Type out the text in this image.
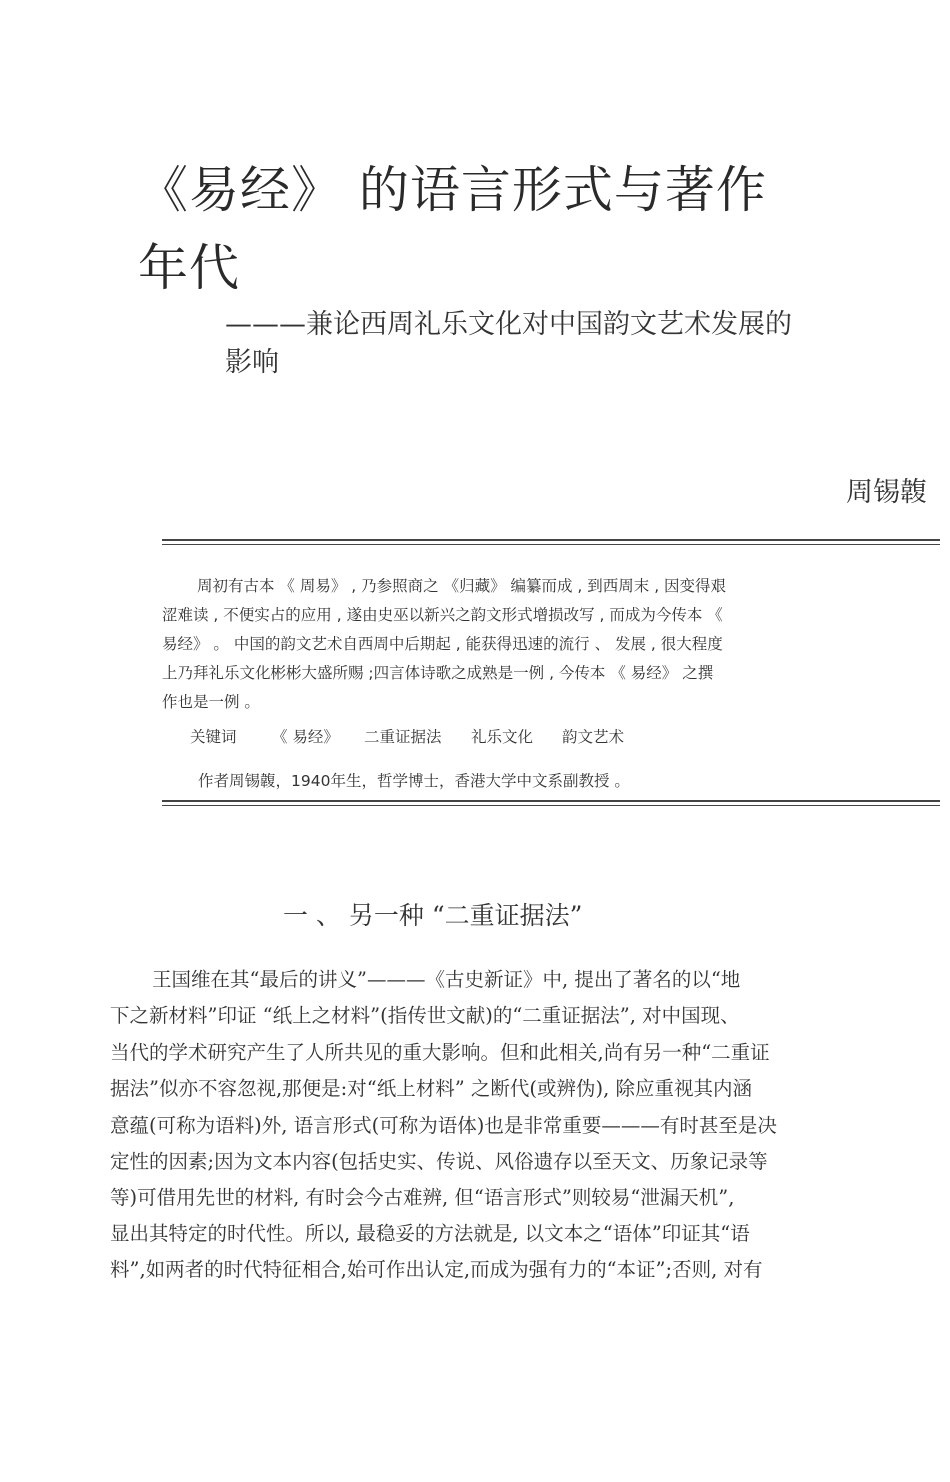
《易经》 的语言形式与著作
年代
———兼论西周礼乐文化对中国韵文艺术发展的
影响
周锡䪖
周初有古本 《 周易》 , 乃参照商之 《归藏》 编纂而成 , 到西周末 , 因变得艰
涩难读 , 不便实占的应用 , 遂由史巫以新兴之韵文形式增损改写 , 而成为今传本 《
易经》 。 中国的韵文艺术自西周中后期起 , 能获得迅速的流行 、 发展 , 很大程度
上乃拜礼乐文化彬彬大盛所赐 ;四言体诗歌之成熟是一例 , 今传本 《 易经》 之撰
作也是一例 。
关键词 《 易经》 二重证据法 礼乐文化 韵文艺术
作者周锡䪖，1940年生，哲学博士，香港大学中文系副教授 。
一 、 另一种 “二重证据法”
王国维在其“最后的讲义”———《古史新证》中, 提出了著名的以“地
下之新材料”印证 “纸上之材料”(指传世文献)的“二重证据法”, 对中国现、
当代的学术研究产生了人所共见的重大影响。但和此相关,尚有另一种“二重证
据法”似亦不容忽视,那便是:对“纸上材料” 之断代(或辨伪), 除应重视其内涵
意蕴(可称为语料)外, 语言形式(可称为语体)也是非常重要———有时甚至是决
定性的因素;因为文本内容(包括史实、传说、风俗遗存以至天文、历象记录等
等)可借用先世的材料, 有时会今古难辨, 但“语言形式”则较易“泄漏天机”,
显出其特定的时代性。所以, 最稳妥的方法就是, 以文本之“语体”印证其“语
料”,如两者的时代特征相合,始可作出认定,而成为强有力的“本证”;否则, 对有
